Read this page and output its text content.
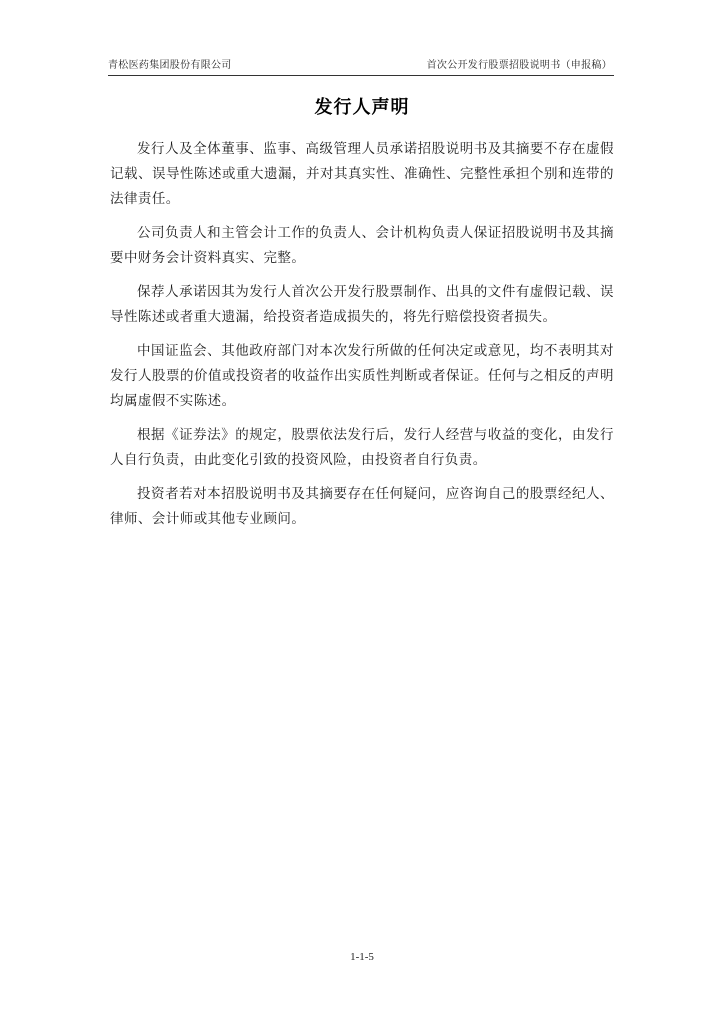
青松医药集团股份有限公司	首次公开发行股票招股说明书（申报稿）
发行人声明

发行人及全体董事、监事、高级管理人员承诺招股说明书及其摘要不存在虚假记载、误导性陈述或重大遗漏，并对其真实性、准确性、完整性承担个别和连带的法律责任。

公司负责人和主管会计工作的负责人、会计机构负责人保证招股说明书及其摘要中财务会计资料真实、完整。

保荐人承诺因其为发行人首次公开发行股票制作、出具的文件有虚假记载、误导性陈述或者重大遗漏，给投资者造成损失的，将先行赔偿投资者损失。

中国证监会、其他政府部门对本次发行所做的任何决定或意见，均不表明其对发行人股票的价值或投资者的收益作出实质性判断或者保证。任何与之相反的声明均属虚假不实陈述。

根据《证券法》的规定，股票依法发行后，发行人经营与收益的变化，由发行人自行负责，由此变化引致的投资风险，由投资者自行负责。

投资者若对本招股说明书及其摘要存在任何疑问，应咨询自己的股票经纪人、律师、会计师或其他专业顾问。

1-1-5
